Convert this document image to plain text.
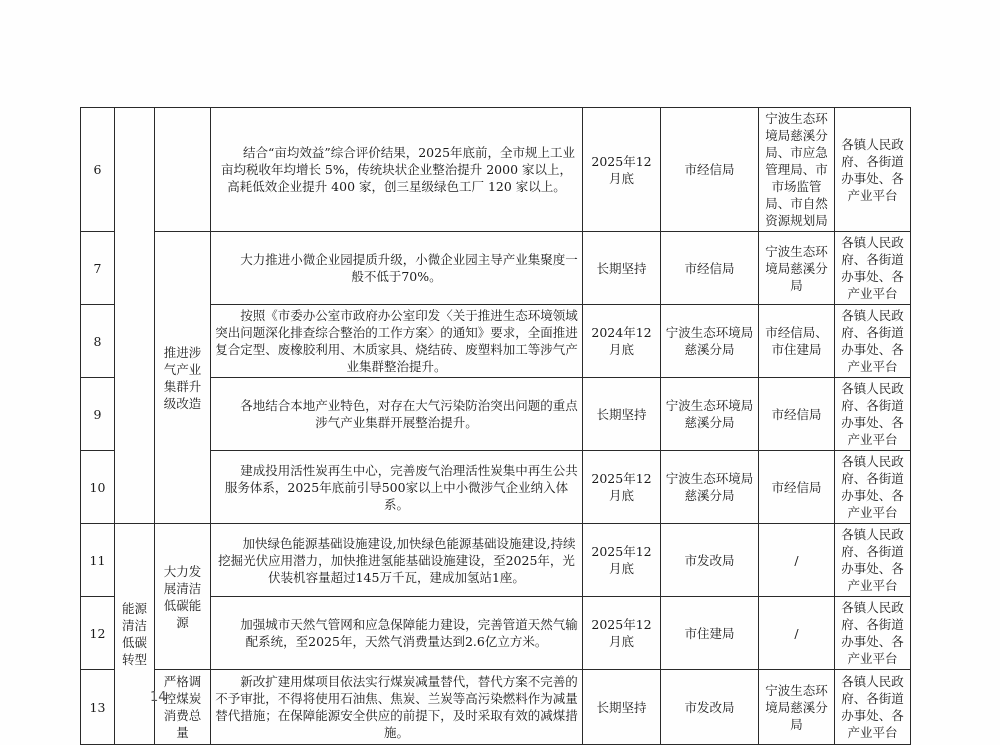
6			结合“亩均效益”综合评价结果，2025年底前，全市规上工业亩均税收年均增长 5%，传统块状企业整治提升 2000 家以上，高耗低效企业提升 400 家，创三星级绿色工厂 120 家以上。	2025年12月底	市经信局	宁波生态环境局慈溪分局、市应急管理局、市市场监管局、市自然资源规划局	各镇人民政府、各街道办事处、各产业平台
7		推进涉气产业集群升级改造	大力推进小微企业园提质升级，小微企业园主导产业集聚度一般不低于70%。	长期坚持	市经信局	宁波生态环境局慈溪分局	各镇人民政府、各街道办事处、各产业平台
8			按照《市委办公室市政府办公室印发〈关于推进生态环境领域突出问题深化排查综合整治的工作方案〉的通知》要求，全面推进复合定型、废橡胶利用、木质家具、烧结砖、废塑料加工等涉气产业集群整治提升。	2024年12月底	宁波生态环境局慈溪分局	市经信局、市住建局	各镇人民政府、各街道办事处、各产业平台
9			各地结合本地产业特色，对存在大气污染防治突出问题的重点涉气产业集群开展整治提升。	长期坚持	宁波生态环境局慈溪分局	市经信局	各镇人民政府、各街道办事处、各产业平台
10			建成投用活性炭再生中心，完善废气治理活性炭集中再生公共服务体系，2025年底前引导500家以上中小微涉气企业纳入体系。	2025年12月底	宁波生态环境局慈溪分局	市经信局	各镇人民政府、各街道办事处、各产业平台
11	能源清洁低碳转型	大力发展清洁低碳能源	加快绿色能源基础设施建设,加快绿色能源基础设施建设,持续挖掘光伏应用潜力，加快推进氢能基础设施建设，至2025年，光伏装机容量超过145万千瓦，建成加氢站1座。	2025年12月底	市发改局	/	各镇人民政府、各街道办事处、各产业平台
12			加强城市天然气管网和应急保障能力建设，完善管道天然气输配系统，至2025年，天然气消费量达到2.6亿立方米。	2025年12月底	市住建局	/	各镇人民政府、各街道办事处、各产业平台
13		严格调控煤炭消费总量	新改扩建用煤项目依法实行煤炭减量替代，替代方案不完善的不予审批，不得将使用石油焦、焦炭、兰炭等高污染燃料作为减量替代措施；在保障能源安全供应的前提下，及时采取有效的减煤措施。	长期坚持	市发改局	宁波生态环境局慈溪分局	各镇人民政府、各街道办事处、各产业平台
14
